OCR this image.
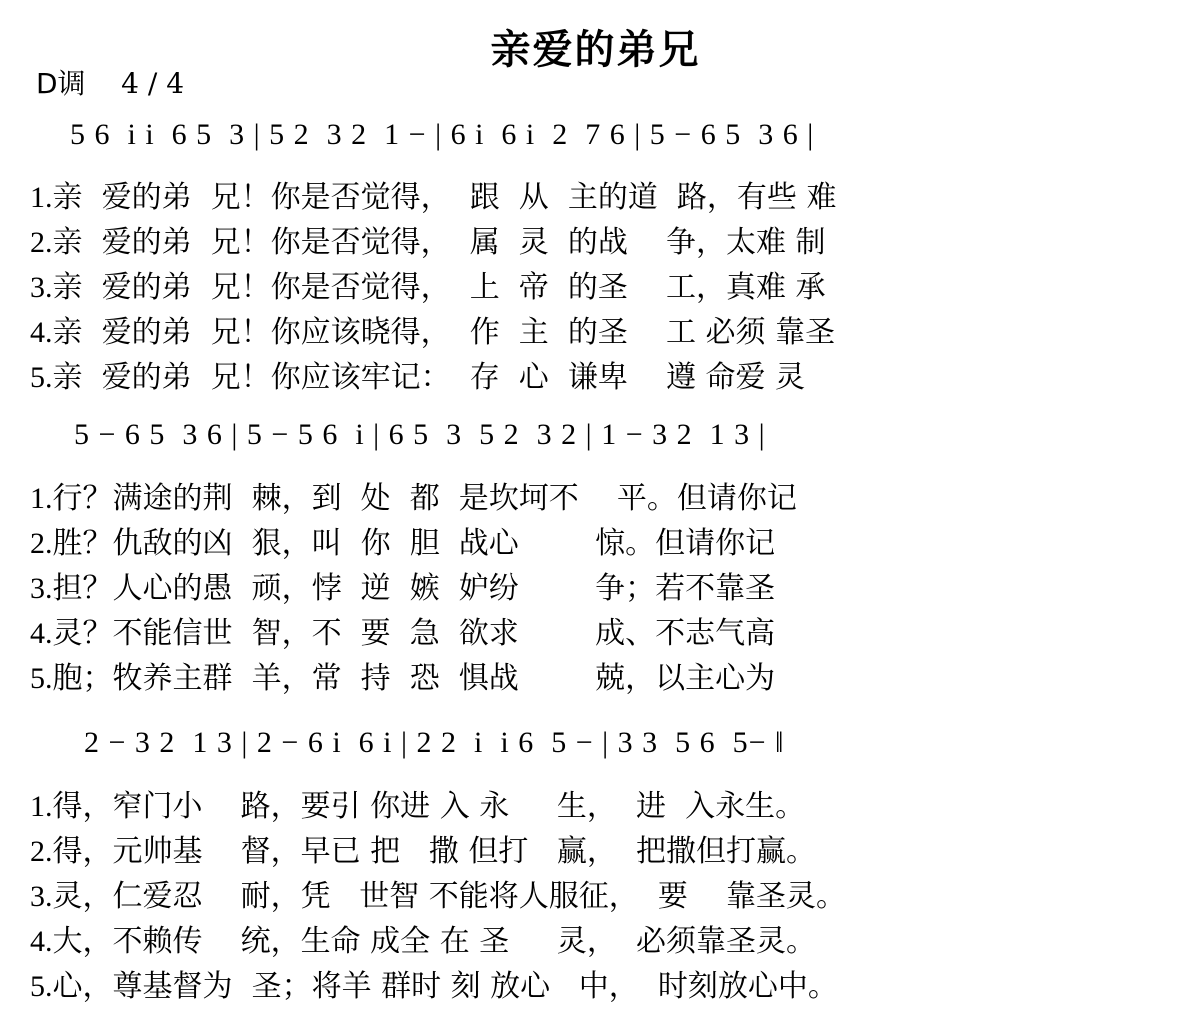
亲爱的弟兄
D调 4 / 4
5 6  i i  6 5  3 | 5 2  3 2  1 − | 6 i  6 i  2  7 6 | 5 − 6 5  3 6 |
1.亲  爱的弟  兄！你是否觉得，  跟  从  主的道  路，有些 难
2.亲  爱的弟  兄！你是否觉得，  属  灵  的战    争，太难 制
3.亲  爱的弟  兄！你是否觉得，  上  帝  的圣    工，真难 承
4.亲  爱的弟  兄！你应该晓得，  作  主  的圣    工 必须 靠圣
5.亲  爱的弟  兄！你应该牢记：  存  心  谦卑    遵 命爱 灵
5 − 6 5  3 6 | 5 − 5 6  i | 6 5  3  5 2  3 2 | 1 − 3 2  1 3 |
1.行？满途的荆  棘，到  处  都  是坎坷不    平。但请你记
2.胜？仇敌的凶  狠，叫  你  胆  战心        惊。但请你记
3.担？人心的愚  顽，悖  逆  嫉  妒纷        争；若不靠圣
4.灵？不能信世  智，不  要  急  欲求        成、不志气高
5.胞；牧养主群  羊，常  持  恐  惧战        兢，以主心为
2 − 3 2  1 3 | 2 − 6 i  6 i | 2 2  i  i 6  5 − | 3 3  5 6  5− ‖
1.得，窄门小    路，要引 你进 入 永     生，  进  入永生。
2.得，元帅基    督，早已 把   撒 但打   赢，  把撒但打赢。
3.灵，仁爱忍    耐，凭   世智 不能将人服征，  要    靠圣灵。
4.大，不赖传    统，生命 成全 在 圣     灵，  必须靠圣灵。
5.心，尊基督为  圣；将羊 群时 刻 放心   中，  时刻放心中。
